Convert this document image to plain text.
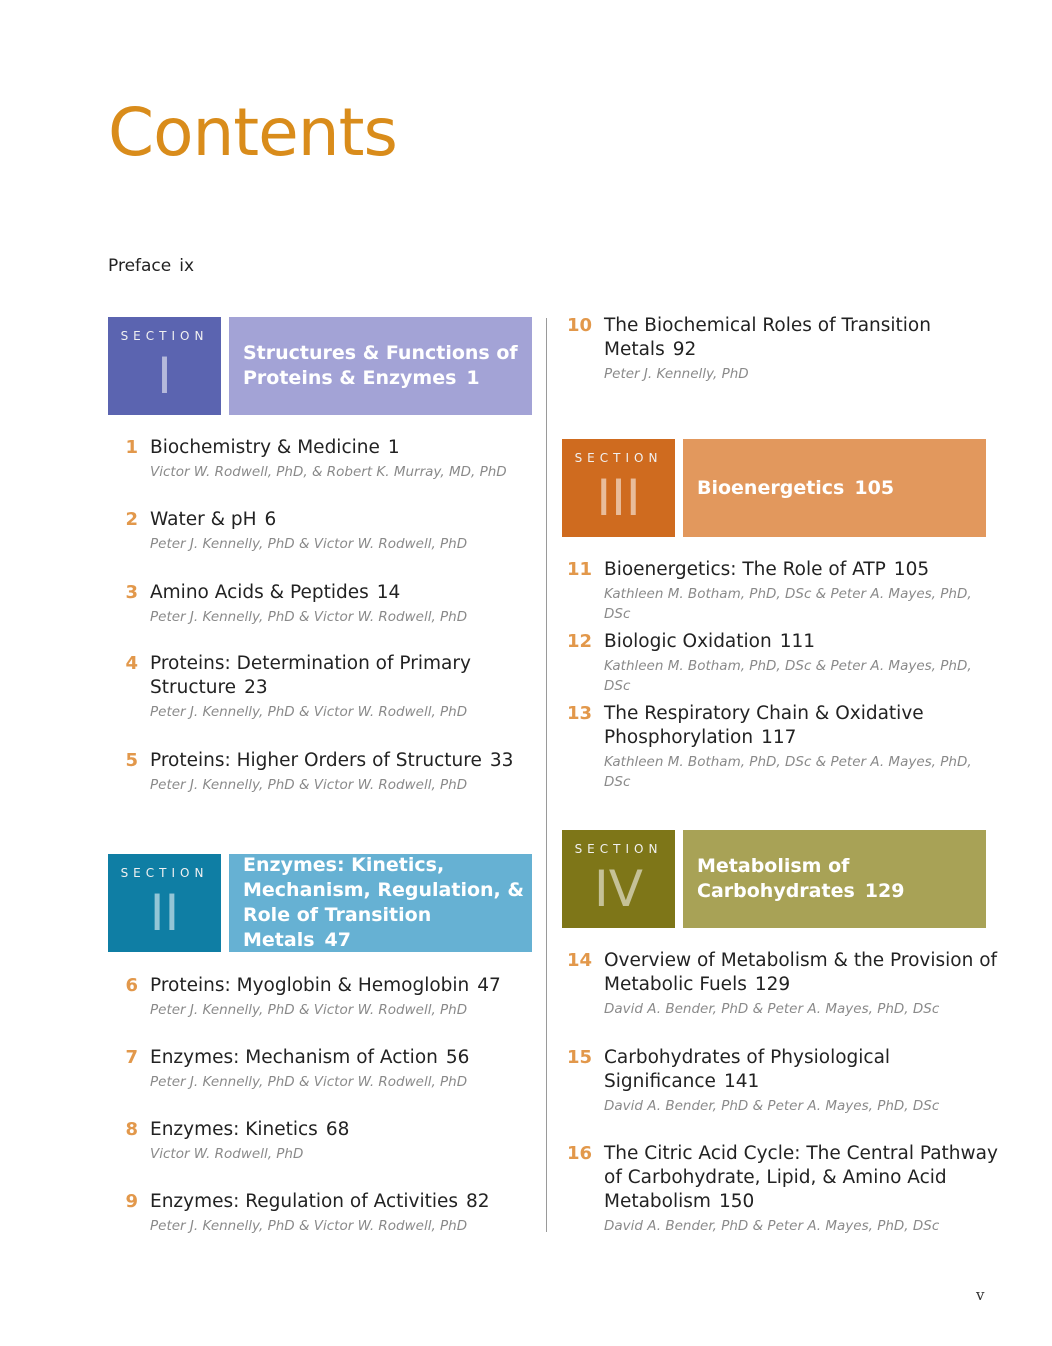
Contents
Preface ix
SECTION
I	Structures & Functions of
Proteins & Enzymes 1
1 Biochemistry & Medicine 1
Victor W. Rodwell, PhD, & Robert K. Murray, MD, PhD
2 Water & pH 6
Peter J. Kennelly, PhD & Victor W. Rodwell, PhD
3 Amino Acids & Peptides 14
Peter J. Kennelly, PhD & Victor W. Rodwell, PhD
4 Proteins: Determination of Primary
Structure 23
Peter J. Kennelly, PhD & Victor W. Rodwell, PhD
5 Proteins: Higher Orders of Structure 33
Peter J. Kennelly, PhD & Victor W. Rodwell, PhD
SECTION
II
Enzymes: Kinetics,
Mechanism, Regulation, &
Role of Transition Metals 47
6 Proteins: Myoglobin & Hemoglobin 47
Peter J. Kennelly, PhD & Victor W. Rodwell, PhD
7 Enzymes: Mechanism of Action 56
Peter J. Kennelly, PhD & Victor W. Rodwell, PhD
8 Enzymes: Kinetics 68
Victor W. Rodwell, PhD
9 Enzymes: Regulation of Activities 82
Peter J. Kennelly, PhD & Victor W. Rodwell, PhD
10 The Biochemical Roles of Transition
Metals 92
Peter J. Kennelly, PhD
SECTION
III	Bioenergetics 105
11 Bioenergetics: The Role of ATP 105
Kathleen M. Botham, PhD, DSc & Peter A. Mayes, PhD, DSc
12 Biologic Oxidation 111
Kathleen M. Botham, PhD, DSc & Peter A. Mayes, PhD, DSc
13 The Respiratory Chain & Oxidative
Phosphorylation 117
Kathleen M. Botham, PhD, DSc & Peter A. Mayes, PhD, DSc
SECTION
IV	Metabolism of
Carbohydrates 129
14 Overview of Metabolism & the Provision of
Metabolic Fuels 129
David A. Bender, PhD & Peter A. Mayes, PhD, DSc
15 Carbohydrates of Physiological
Significance 141
David A. Bender, PhD & Peter A. Mayes, PhD, DSc
16 The Citric Acid Cycle: The Central Pathway
of Carbohydrate, Lipid, & Amino Acid
Metabolism 150
David A. Bender, PhD & Peter A. Mayes, PhD, DSc
v
